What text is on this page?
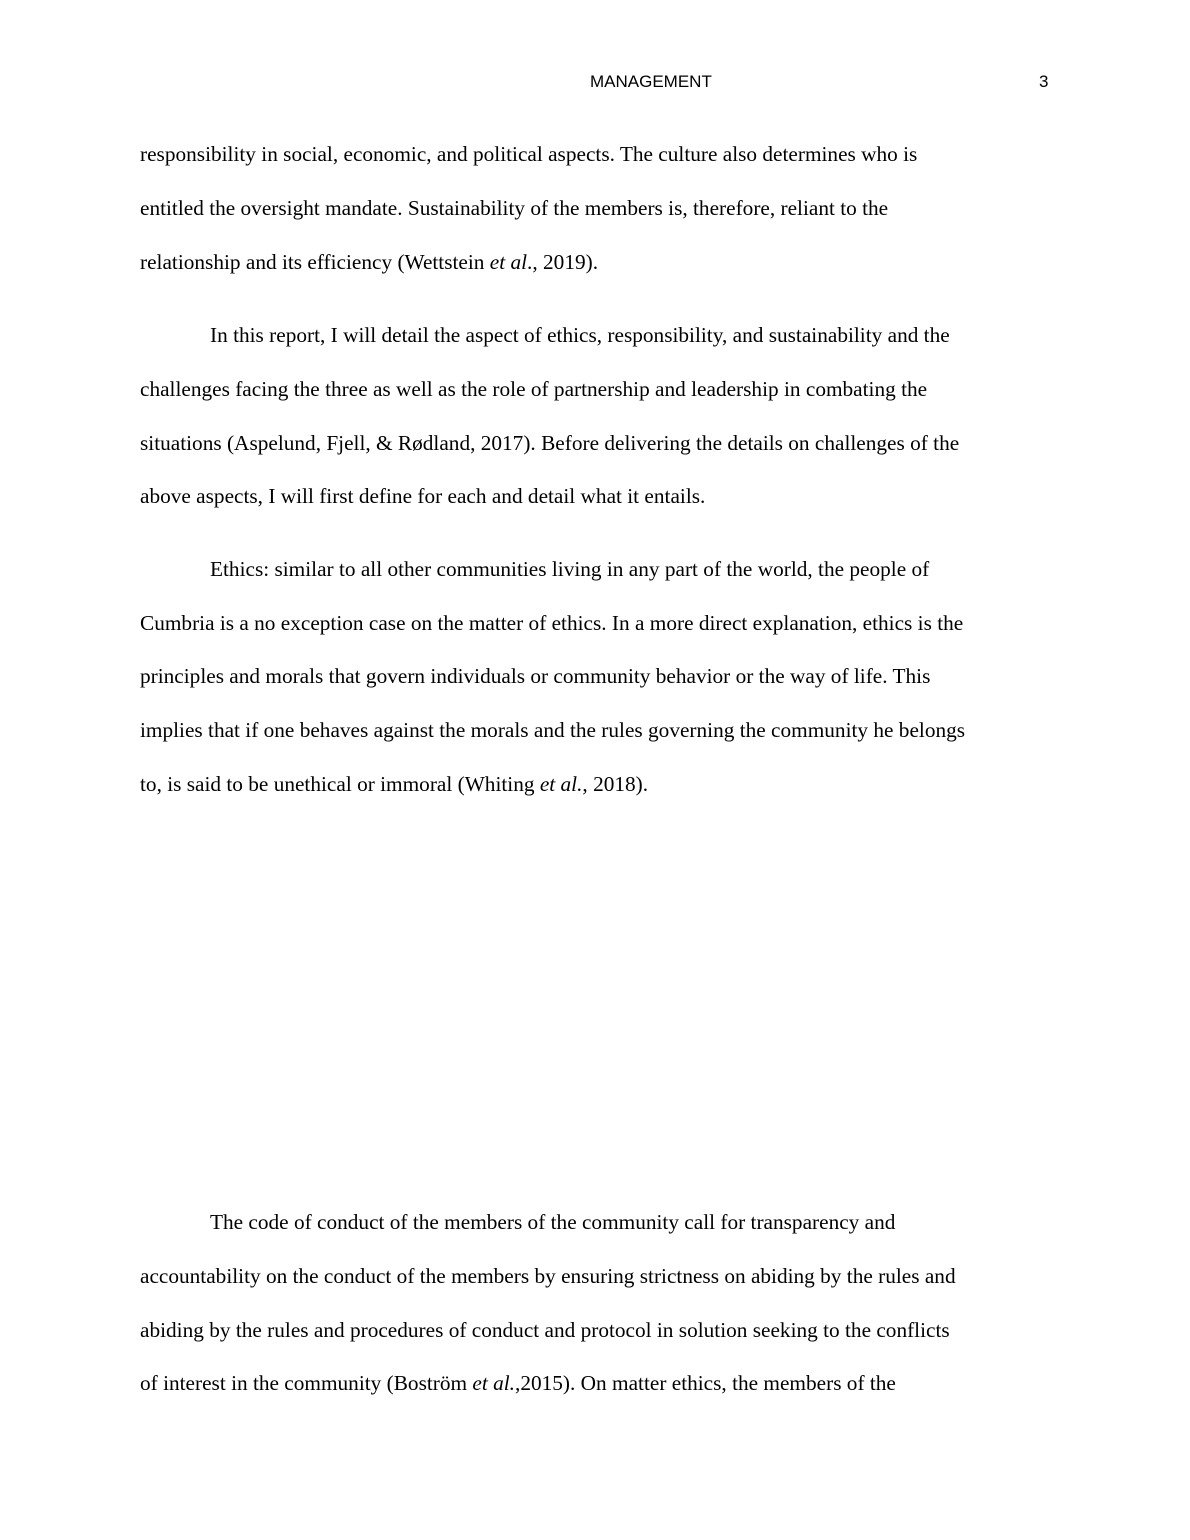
MANAGEMENT	3
responsibility in social, economic, and political aspects. The culture also determines who is
entitled the oversight mandate. Sustainability of the members is, therefore, reliant to the
relationship and its efficiency (Wettstein et al., 2019).
In this report, I will detail the aspect of ethics, responsibility, and sustainability and the
challenges facing the three as well as the role of partnership and leadership in combating the
situations (Aspelund, Fjell, & Rødland, 2017). Before delivering the details on challenges of the
above aspects, I will first define for each and detail what it entails.
Ethics: similar to all other communities living in any part of the world, the people of
Cumbria is a no exception case on the matter of ethics. In a more direct explanation, ethics is the
principles and morals that govern individuals or community behavior or the way of life. This
implies that if one behaves against the morals and the rules governing the community he belongs
to, is said to be unethical or immoral (Whiting et al., 2018).
The code of conduct of the members of the community call for transparency and
accountability on the conduct of the members by ensuring strictness on abiding by the rules and
abiding by the rules and procedures of conduct and protocol in solution seeking to the conflicts
of interest in the community (Boström et al.,2015). On matter ethics, the members of the
